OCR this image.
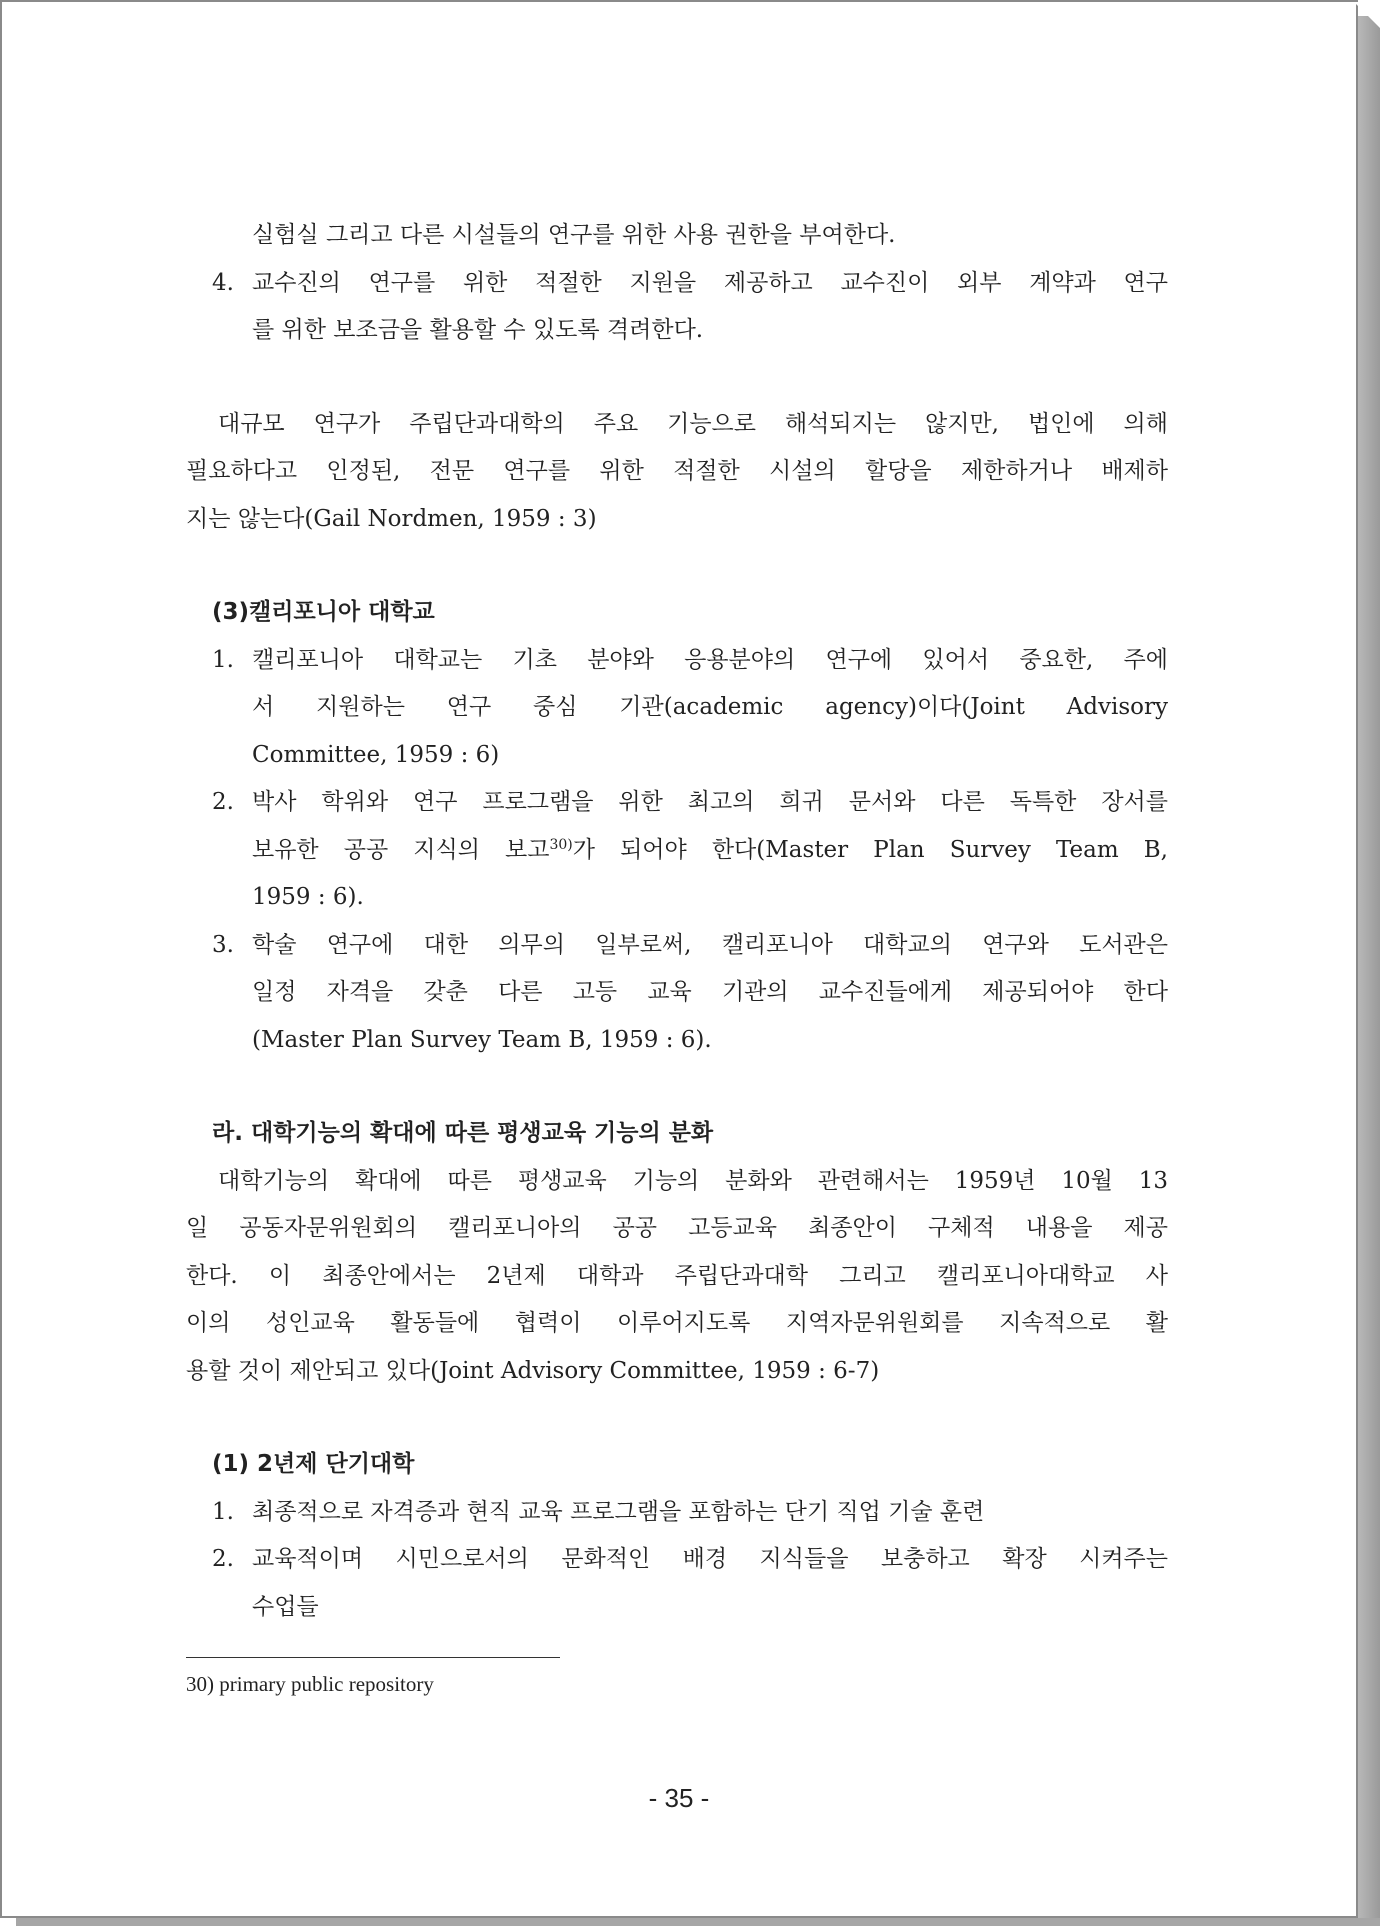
실험실 그리고 다른 시설들의 연구를 위한 사용 권한을 부여한다.

4. 교수진의 연구를 위한 적절한 지원을 제공하고 교수진이 외부 계약과 연구

를 위한 보조금을 활용할 수 있도록 격려한다.

대규모 연구가 주립단과대학의 주요 기능으로 해석되지는 않지만, 법인에 의해

필요하다고 인정된, 전문 연구를 위한 적절한 시설의 할당을 제한하거나 배제하

지는 않는다(Gail Nordmen, 1959 : 3)

(3)캘리포니아 대학교

1. 캘리포니아 대학교는 기초 분야와 응용분야의 연구에 있어서 중요한, 주에

서 지원하는 연구 중심 기관(academic agency)이다(Joint Advisory

Committee, 1959 : 6)

2. 박사 학위와 연구 프로그램을 위한 최고의 희귀 문서와 다른 독특한 장서를

보유한 공공 지식의 보고$^{30)}$가 되어야 한다(Master Plan Survey Team B,

1959 : 6).

3. 학술 연구에 대한 의무의 일부로써, 캘리포니아 대학교의 연구와 도서관은

일정 자격을 갖춘 다른 고등 교육 기관의 교수진들에게 제공되어야 한다

(Master Plan Survey Team B, 1959 : 6).

라. 대학기능의 확대에 따른 평생교육 기능의 분화

대학기능의 확대에 따른 평생교육 기능의 분화와 관련해서는 1959년 10월 13

일 공동자문위원회의 캘리포니아의 공공 고등교육 최종안이 구체적 내용을 제공

한다. 이 최종안에서는 2년제 대학과 주립단과대학 그리고 캘리포니아대학교 사

이의 성인교육 활동들에 협력이 이루어지도록 지역자문위원회를 지속적으로 활

용할 것이 제안되고 있다(Joint Advisory Committee, 1959 : 6-7)

(1) 2년제 단기대학

1. 최종적으로 자격증과 현직 교육 프로그램을 포함하는 단기 직업 기술 훈련
2. 교육적이며 시민으로서의 문화적인 배경 지식들을 보충하고 확장 시켜주는

수업들

30) primary public repository
- 35 -
